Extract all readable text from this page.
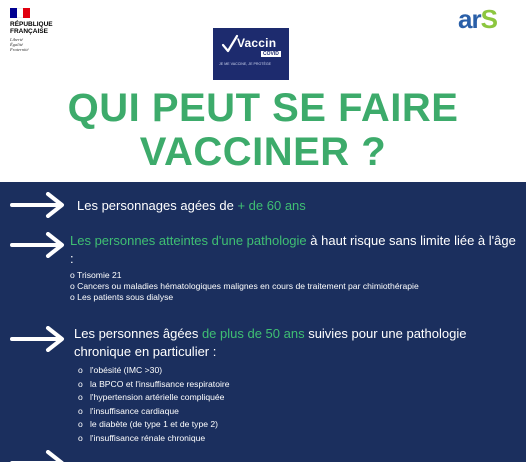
RÉPUBLIQUE
FRANÇAISE
Liberté
Égalité
Fraternité	Vaccin
COVID
JE ME VACCINE, JE PROTÈGE
arS
QUI PEUT SE FAIRE
VACCINER ?
Les personnages agées de + de 60 ans
Les personnes atteintes d'une pathologie à haut risque sans limite liée à l'âge :
o Trisomie 21
o Cancers ou maladies hématologiques malignes en cours de traitement par chimiothérapie
o Les patients sous dialyse
Les personnes âgées de plus de 50 ans suivies pour une pathologie chronique en particulier :
o l'obésité (IMC >30)
o la BPCO et l'insuffisance respiratoire
o l'hypertension artérielle compliquée
o l'insuffisance cardiaque
o le diabète (de type 1 et de type 2)
o l'insuffisance rénale chronique
